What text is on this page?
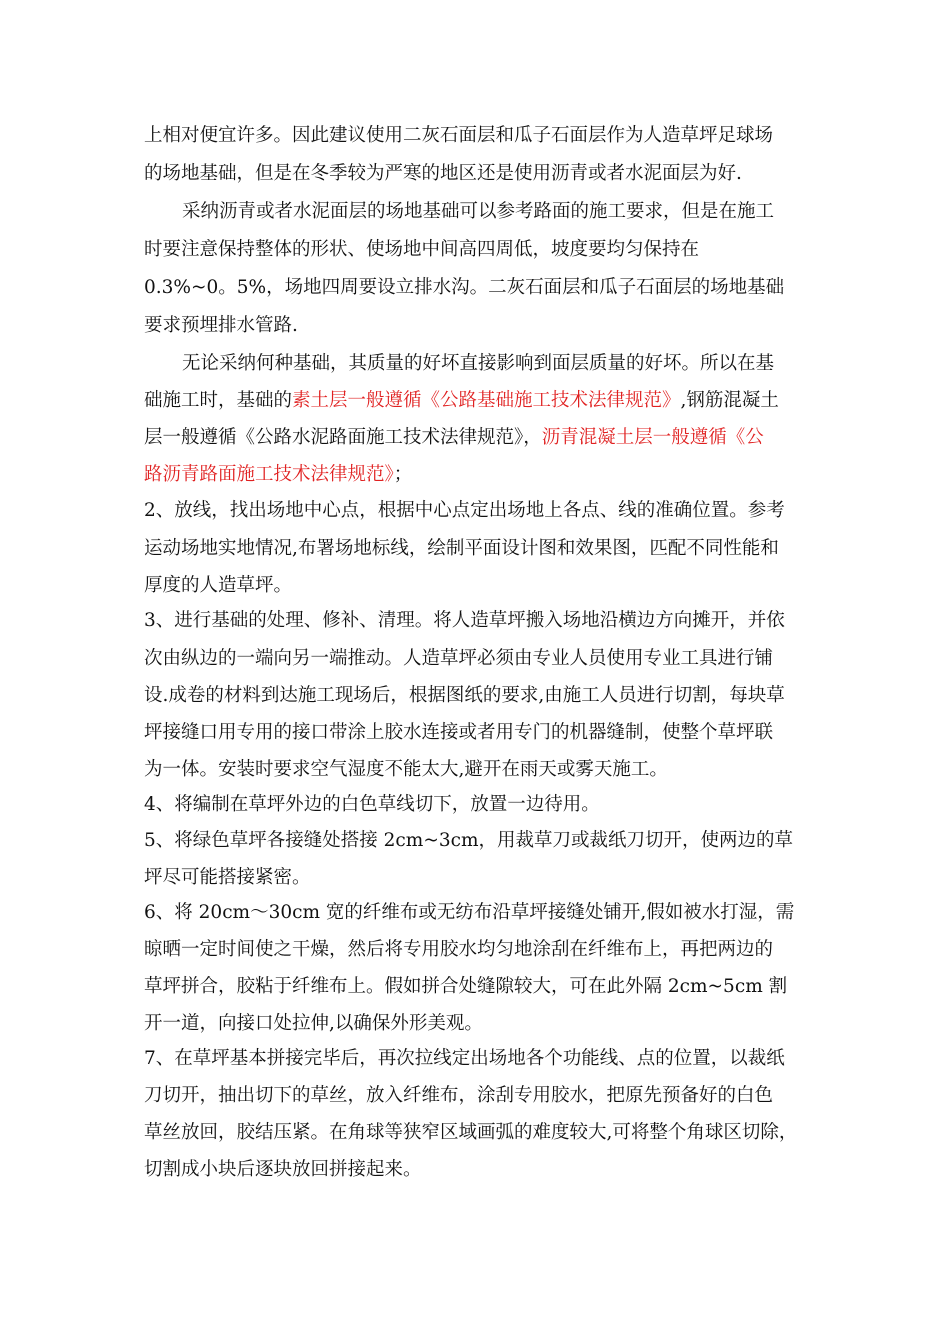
上相对便宜许多。因此建议使用二灰石面层和瓜子石面层作为人造草坪足球场
的场地基础，但是在冬季较为严寒的地区还是使用沥青或者水泥面层为好.
采纳沥青或者水泥面层的场地基础可以参考路面的施工要求，但是在施工
时要注意保持整体的形状、使场地中间高四周低，坡度要均匀保持在
0.3%~0。5%，场地四周要设立排水沟。二灰石面层和瓜子石面层的场地基础
要求预埋排水管路.
无论采纳何种基础，其质量的好坏直接影响到面层质量的好坏。所以在基
础施工时，基础的素土层一般遵循《公路基础施工技术法律规范》,钢筋混凝土
层一般遵循《公路水泥路面施工技术法律规范》，沥青混凝土层一般遵循《公
路沥青路面施工技术法律规范》；
2、放线，找出场地中心点，根据中心点定出场地上各点、线的准确位置。参考
运动场地实地情况,布署场地标线，绘制平面设计图和效果图，匹配不同性能和
厚度的人造草坪。
3、进行基础的处理、修补、清理。将人造草坪搬入场地沿横边方向摊开，并依
次由纵边的一端向另一端推动。人造草坪必须由专业人员使用专业工具进行铺
设.成卷的材料到达施工现场后，根据图纸的要求,由施工人员进行切割，每块草
坪接缝口用专用的接口带涂上胶水连接或者用专门的机器缝制，使整个草坪联
为一体。安装时要求空气湿度不能太大,避开在雨天或雾天施工。
4、将编制在草坪外边的白色草线切下，放置一边待用。
5、将绿色草坪各接缝处搭接 2cm~3cm，用裁草刀或裁纸刀切开，使两边的草
坪尽可能搭接紧密。
6、将 20cm～30cm 宽的纤维布或无纺布沿草坪接缝处铺开,假如被水打湿，需
晾晒一定时间使之干燥，然后将专用胶水均匀地涂刮在纤维布上，再把两边的
草坪拼合，胶粘于纤维布上。假如拼合处缝隙较大，可在此外隔 2cm~5cm 割
开一道，向接口处拉伸,以确保外形美观。
7、在草坪基本拼接完毕后，再次拉线定出场地各个功能线、点的位置，以裁纸
刀切开，抽出切下的草丝，放入纤维布，涂刮专用胶水，把原先预备好的白色
草丝放回，胶结压紧。在角球等狭窄区域画弧的难度较大,可将整个角球区切除，
切割成小块后逐块放回拼接起来。
